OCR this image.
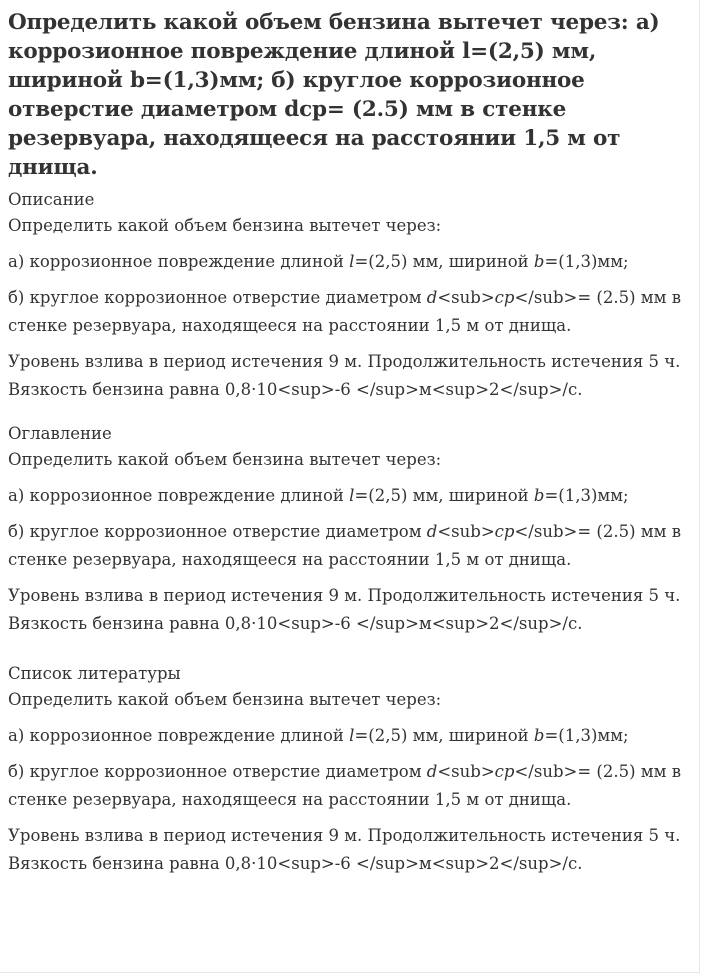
Определить какой объем бензина вытечет через: а) коррозионное повреждение длиной l=(2,5) мм, шириной b=(1,3)мм; б) круглое коррозионное отверстие диаметром dср= (2.5) мм в стенке резервуара, находящееся на расстоянии 1,5 м от днища.
Описание
Определить какой объем бензина вытечет через:
а) коррозионное повреждение длиной l=(2,5) мм, шириной b=(1,3)мм;
б) круглое коррозионное отверстие диаметром d<sub>ср</sub>= (2.5) мм в стенке резервуара, находящееся на расстоянии 1,5 м от днища.
Уровень взлива в период истечения 9 м. Продолжительность истечения 5 ч. Вязкость бензина равна 0,8·10<sup>-6 </sup>м<sup>2</sup>/с.
Оглавление
Определить какой объем бензина вытечет через:
а) коррозионное повреждение длиной l=(2,5) мм, шириной b=(1,3)мм;
б) круглое коррозионное отверстие диаметром d<sub>ср</sub>= (2.5) мм в стенке резервуара, находящееся на расстоянии 1,5 м от днища.
Уровень взлива в период истечения 9 м. Продолжительность истечения 5 ч. Вязкость бензина равна 0,8·10<sup>-6 </sup>м<sup>2</sup>/с.
Список литературы
Определить какой объем бензина вытечет через:
а) коррозионное повреждение длиной l=(2,5) мм, шириной b=(1,3)мм;
б) круглое коррозионное отверстие диаметром d<sub>ср</sub>= (2.5) мм в стенке резервуара, находящееся на расстоянии 1,5 м от днища.
Уровень взлива в период истечения 9 м. Продолжительность истечения 5 ч. Вязкость бензина равна 0,8·10<sup>-6 </sup>м<sup>2</sup>/с.
